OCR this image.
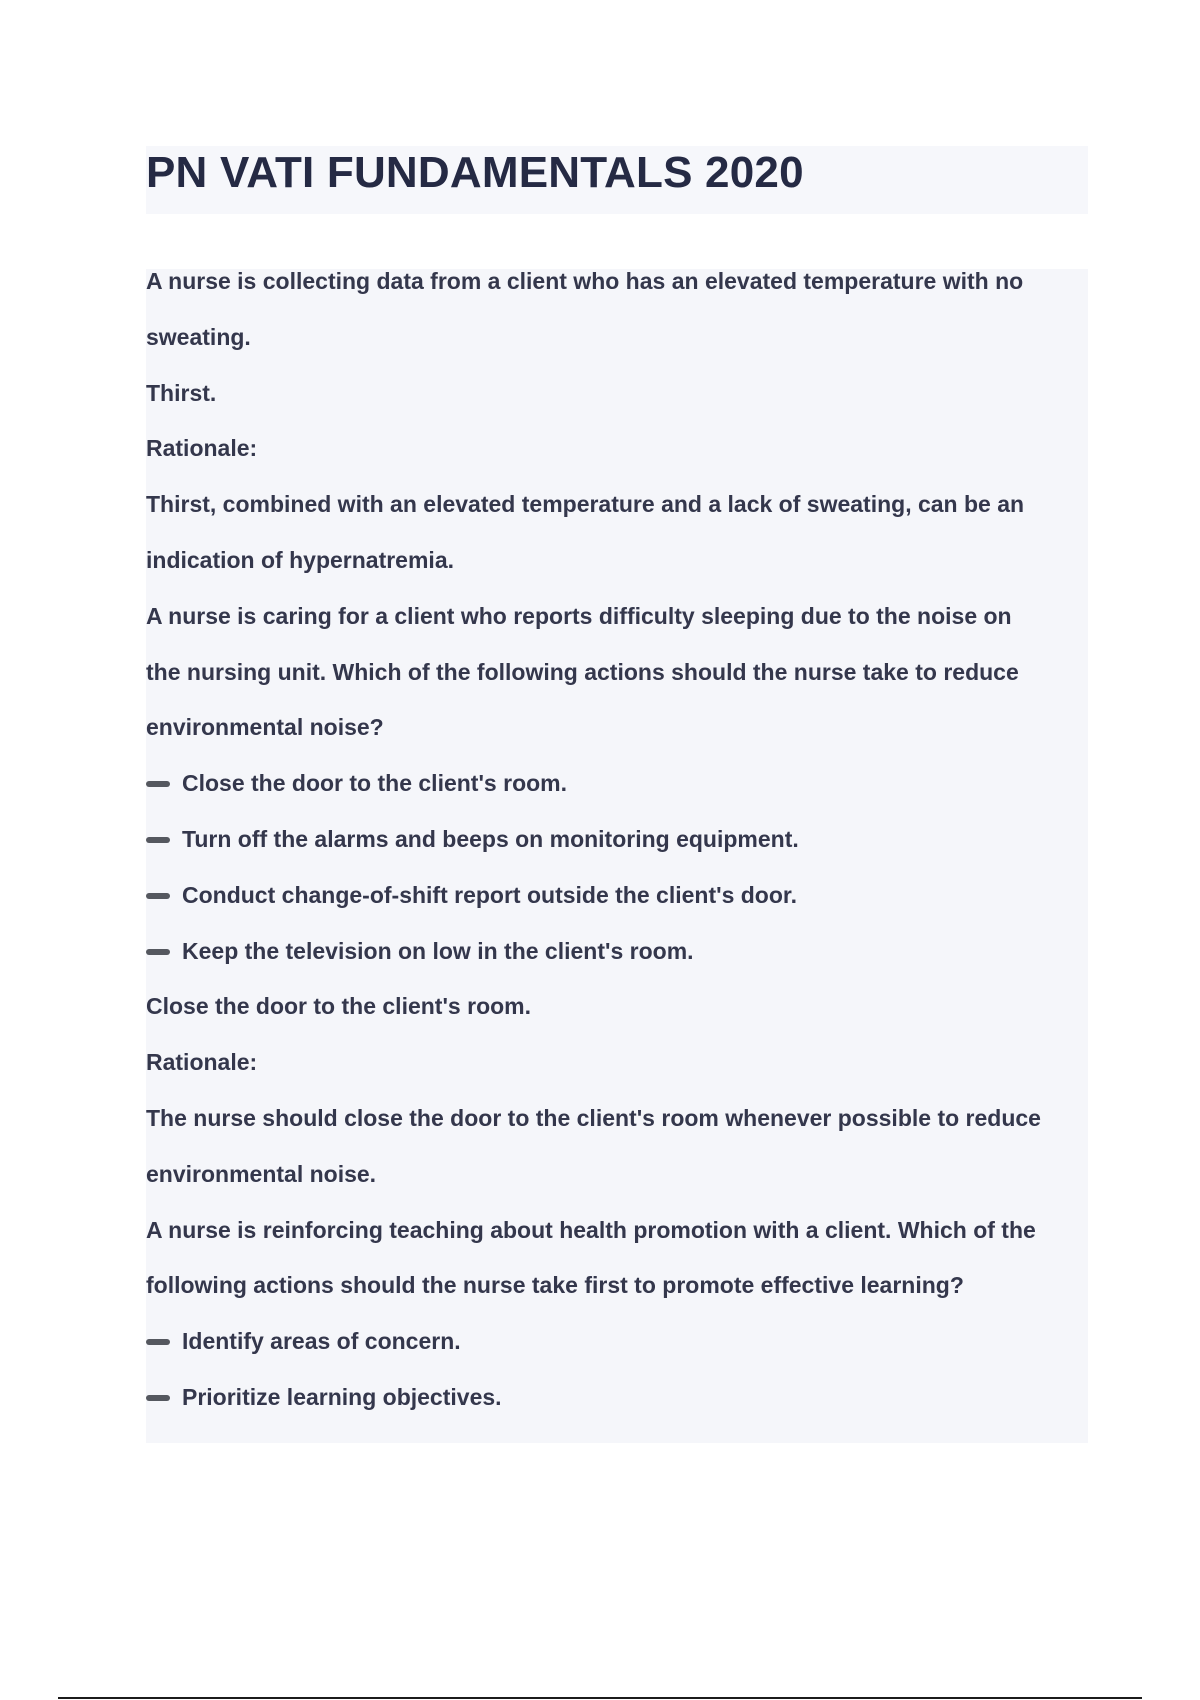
PN VATI FUNDAMENTALS 2020
A nurse is collecting data from a client who has an elevated temperature with no
sweating.
Thirst.
Rationale:
Thirst, combined with an elevated temperature and a lack of sweating, can be an
indication of hypernatremia.
A nurse is caring for a client who reports difficulty sleeping due to the noise on
the nursing unit. Which of the following actions should the nurse take to reduce
environmental noise?
Close the door to the client's room.
Turn off the alarms and beeps on monitoring equipment.
Conduct change-of-shift report outside the client's door.
Keep the television on low in the client's room.
Close the door to the client's room.
Rationale:
The nurse should close the door to the client's room whenever possible to reduce
environmental noise.
A nurse is reinforcing teaching about health promotion with a client. Which of the
following actions should the nurse take first to promote effective learning?
Identify areas of concern.
Prioritize learning objectives.
